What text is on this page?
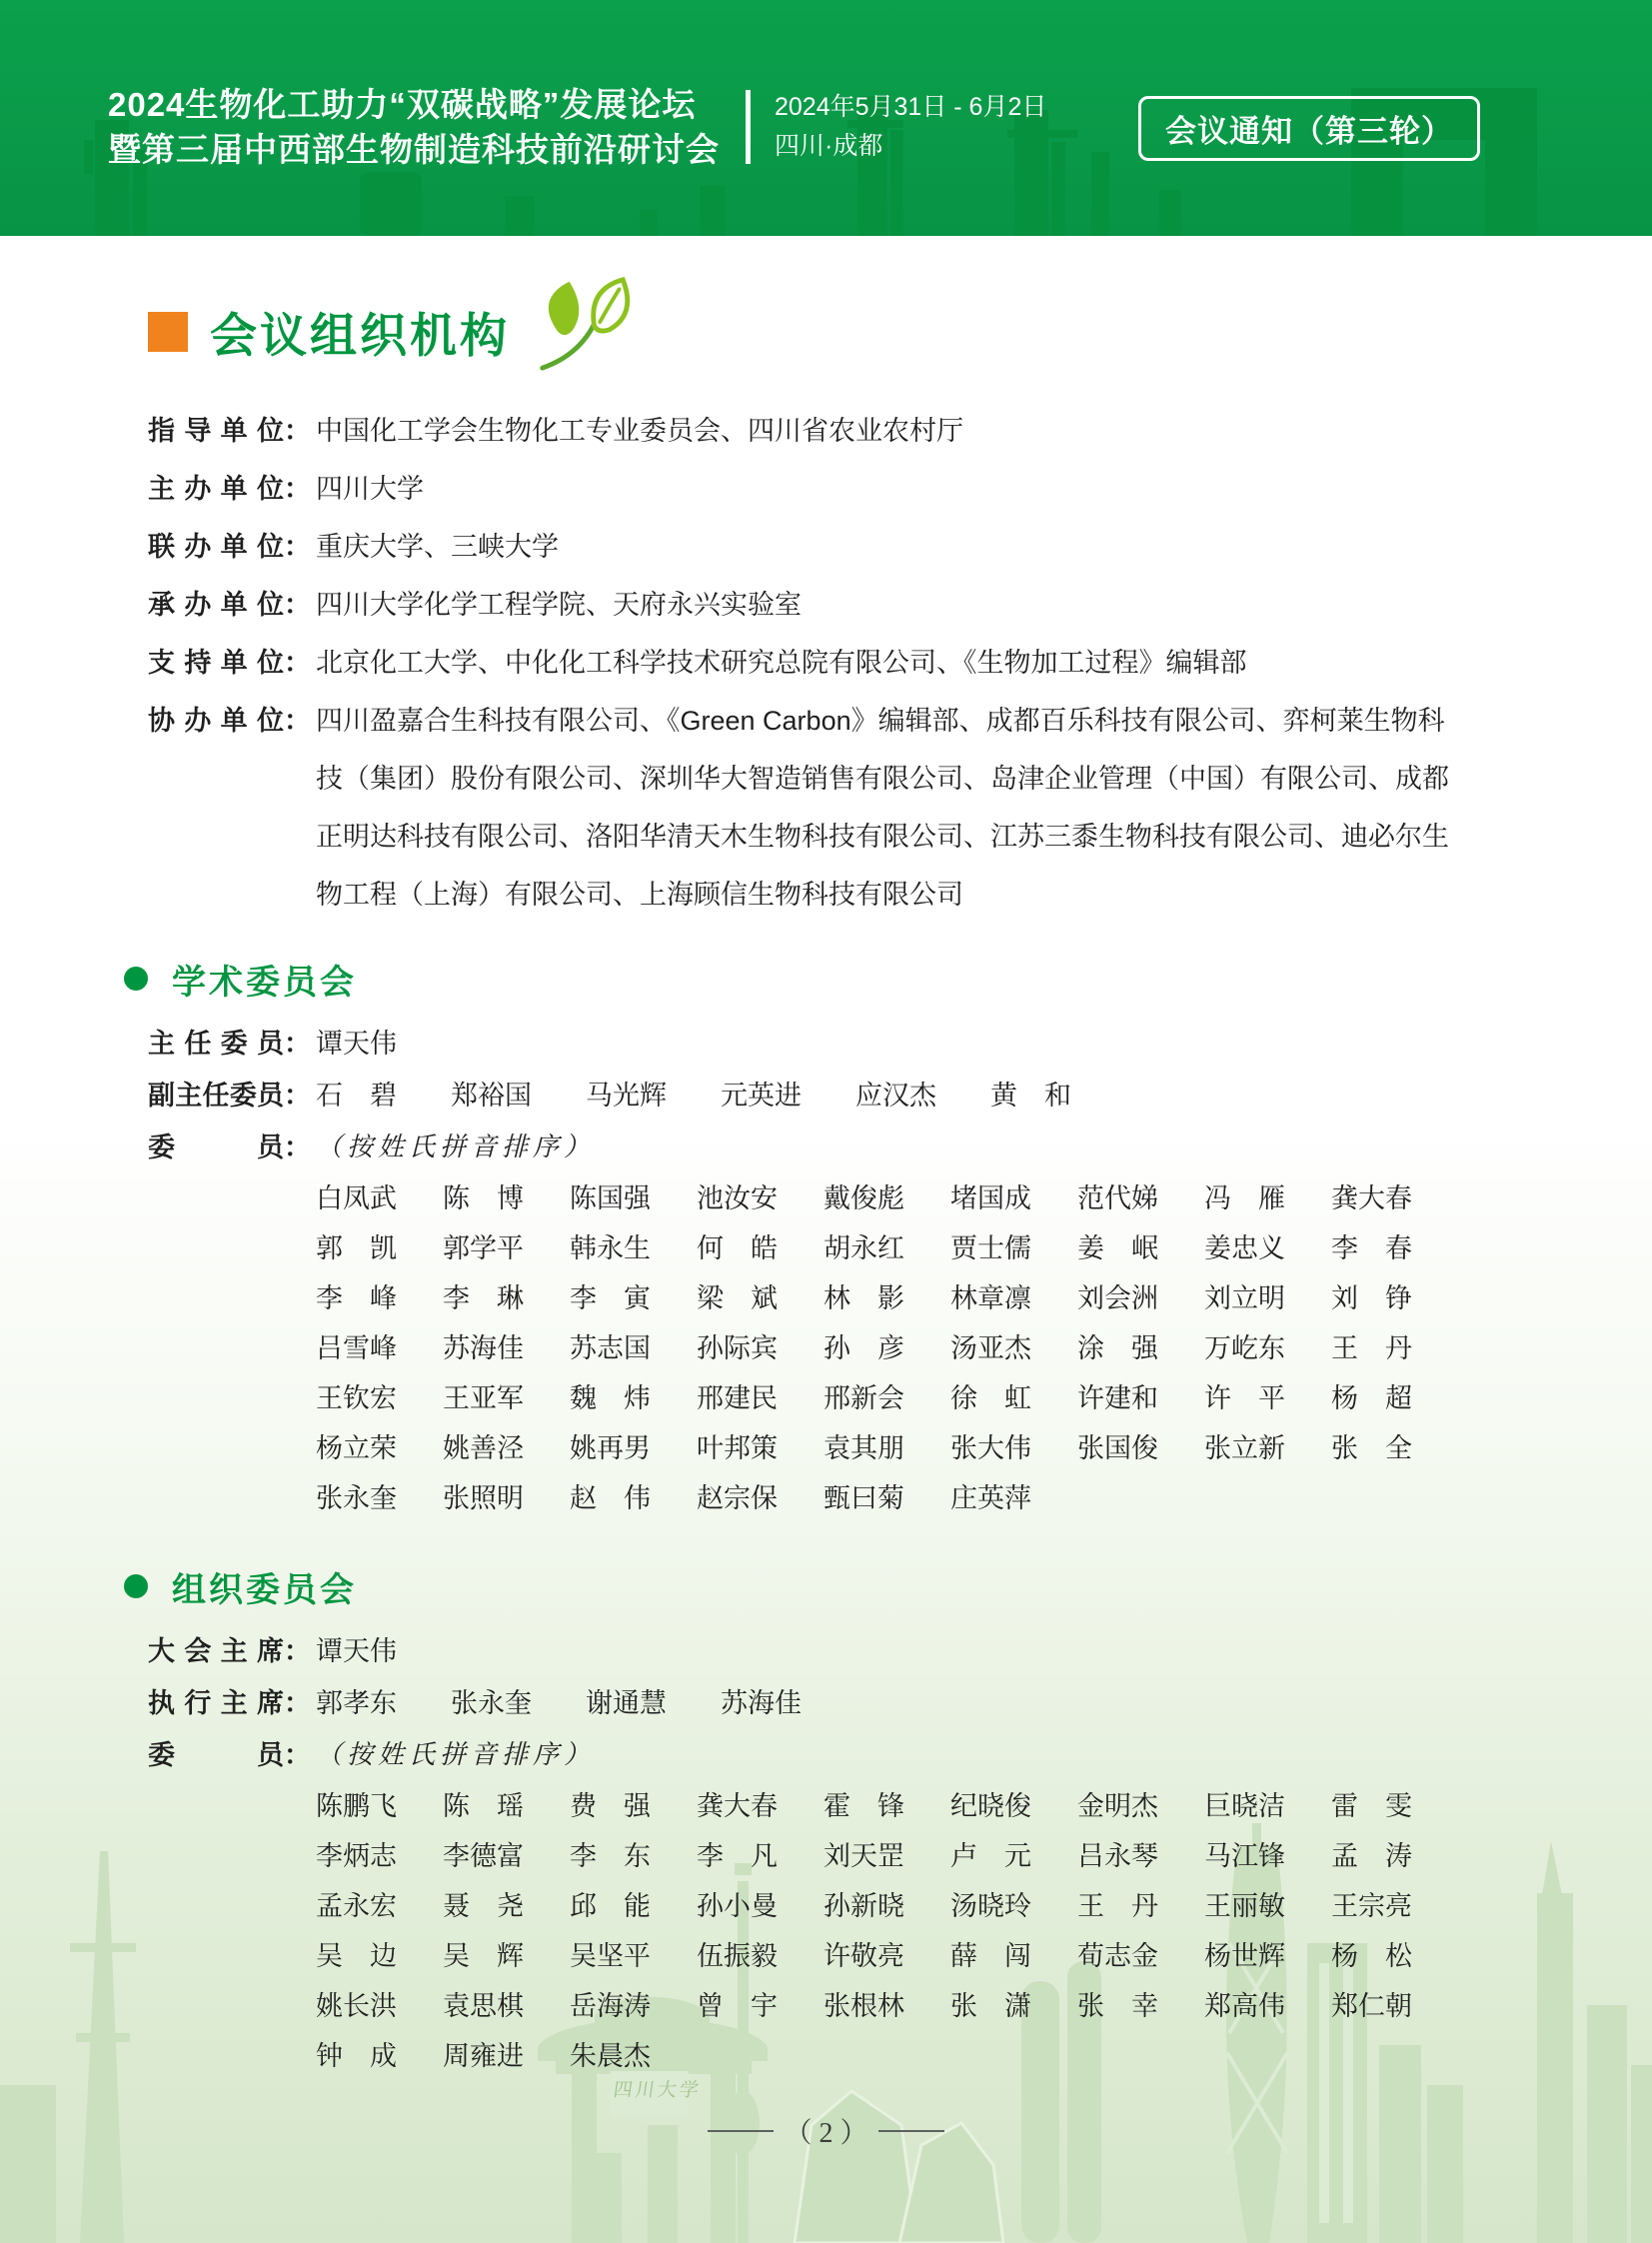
四川大学
2024生物化工助力“双碳战略”发展论坛
暨第三届中西部生物制造科技前沿研讨会
2024年5月31日 - 6月2日
四川·成都	会议通知（第三轮）
会议组织机构
指导单位 ： 中国化工学会生物化工专业委员会、四川省农业农村厅
主办单位 ： 四川大学
联办单位 ： 重庆大学、三峡大学
承办单位 ： 四川大学化学工程学院、天府永兴实验室
支持单位 ： 北京化工大学、中化化工科学技术研究总院有限公司、《生物加工过程》编辑部
协办单位 ： 四川盈嘉合生科技有限公司、《Green Carbon》编辑部、成都百乐科技有限公司、弈柯莱生物科技（集团）股份有限公司、深圳华大智造销售有限公司、岛津企业管理（中国）有限公司、成都正明达科技有限公司、洛阳华清天木生物科技有限公司、江苏三黍生物科技有限公司、迪必尔生物工程（上海）有限公司、上海顾信生物科技有限公司
学术委员会
主任委员 ： 谭天伟
副主任委员 ： 石　碧　　郑裕国　　马光辉　　元英进　　应汉杰　　黄　和
委员 ： （按姓氏拼音排序）
白凤武	陈　博	陈国强	池汝安	戴俊彪	堵国成	范代娣	冯　雁	龚大春
郭　凯	郭学平	韩永生	何　皓	胡永红	贾士儒	姜　岷	姜忠义	李　春
李　峰	李　琳	李　寅	梁　斌	林　影	林章凛	刘会洲	刘立明	刘　铮
吕雪峰	苏海佳	苏志国	孙际宾	孙　彦	汤亚杰	涂　强	万屹东	王　丹
王钦宏	王亚军	魏　炜	邢建民	邢新会	徐　虹	许建和	许　平	杨　超
杨立荣	姚善泾	姚再男	叶邦策	袁其朋	张大伟	张国俊	张立新	张　全
张永奎	张照明	赵　伟	赵宗保	甄曰菊	庄英萍
组织委员会
大会主席 ： 谭天伟
执行主席 ： 郭孝东　　张永奎　　谢通慧　　苏海佳
委员 ： （按姓氏拼音排序）
陈鹏飞	陈　瑶	费　强	龚大春	霍　锋	纪晓俊	金明杰	巨晓洁	雷　雯
李炳志	李德富	李　东	李　凡	刘天罡	卢　元	吕永琴	马江锋	孟　涛
孟永宏	聂　尧	邱　能	孙小曼	孙新晓	汤晓玲	王　丹	王丽敏	王宗亮
吴　边	吴　辉	吴坚平	伍振毅	许敬亮	薛　闯	荀志金	杨世辉	杨　松
姚长洪	袁思棋	岳海涛	曾　宇	张根林	张　潇	张　幸	郑高伟	郑仁朝
钟　成	周雍进	朱晨杰
（ 2 ）
